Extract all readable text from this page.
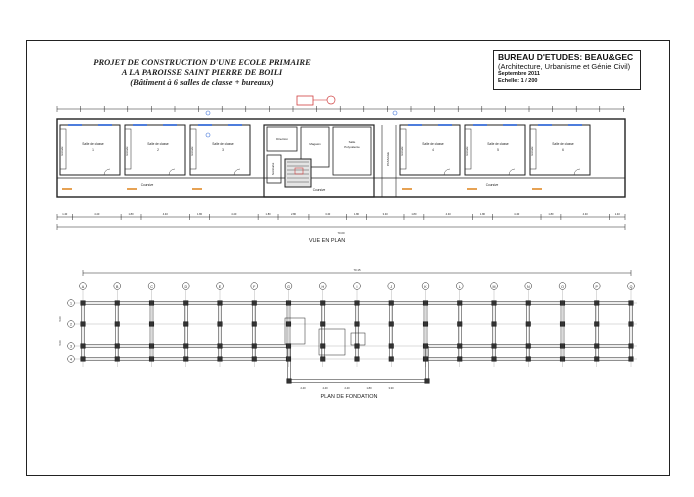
PROJET DE CONSTRUCTION D'UNE ECOLE PRIMAIRE
A LA PAROISSE SAINT PIERRE DE BOILI
(Bâtiment à 6 salles de classe + bureaux)
BUREAU D'ETUDES: BEAU&GEC
(Architecture, Urbanisme et Génie Civil)
Septembre 2011
Echelle: 1 / 200
Estrade
Salle de classe
1	Estrade
Salle de classe
2	Estrade
Salle de classe
3	Estrade
Salle de classe
4	Estrade
Salle de classe
5	Estrade
Salle de classe
6
Coursive	Coursive
Direction
Magasin	Salle
Polyvalente
Secrétariat
Coursive
PASSAGE
1.40	4.40	1.80	4.40	1.80	4.40	1.80	2.80	3.40	1.80	3.40	1.80	4.40	1.80	4.40	1.80	4.40	1.40
70.00
70.15
A	B	C	D	E	F	G	H	I	J	K	L	M	N	O	P	Q
1
2
3
4
5.00
5.00
2.40	4.40	2.40	1.80	3.30
VUE EN PLAN
PLAN DE FONDATION
